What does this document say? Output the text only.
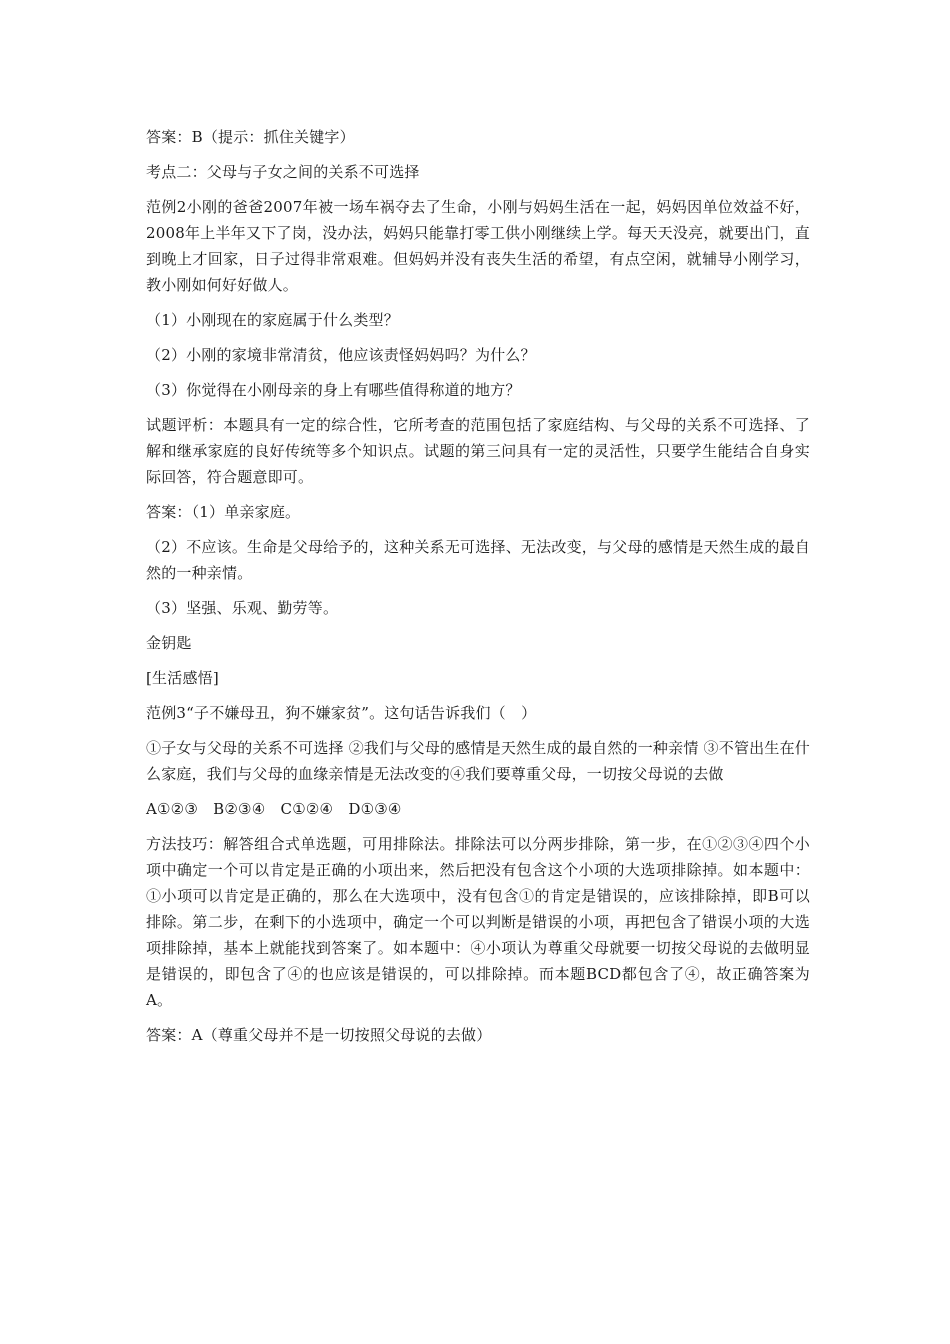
答案：B（提示：抓住关键字）

考点二：父母与子女之间的关系不可选择

范例2小刚的爸爸2007年被一场车祸夺去了生命，小刚与妈妈生活在一起，妈妈因单位效益不好，2008年上半年又下了岗，没办法，妈妈只能靠打零工供小刚继续上学。每天天没亮，就要出门，直到晚上才回家，日子过得非常艰难。但妈妈并没有丧失生活的希望，有点空闲，就辅导小刚学习，教小刚如何好好做人。

（1）小刚现在的家庭属于什么类型？

（2）小刚的家境非常清贫，他应该责怪妈妈吗？为什么？

（3）你觉得在小刚母亲的身上有哪些值得称道的地方？

试题评析：本题具有一定的综合性，它所考查的范围包括了家庭结构、与父母的关系不可选择、了解和继承家庭的良好传统等多个知识点。试题的第三问具有一定的灵活性，只要学生能结合自身实际回答，符合题意即可。

答案：（1）单亲家庭。

（2）不应该。生命是父母给予的，这种关系无可选择、无法改变，与父母的感情是天然生成的最自然的一种亲情。

（3）坚强、乐观、勤劳等。

金钥匙

[生活感悟]

范例3“子不嫌母丑，狗不嫌家贫”。这句话告诉我们（　）

①子女与父母的关系不可选择 ②我们与父母的感情是天然生成的最自然的一种亲情 ③不管出生在什么家庭，我们与父母的血缘亲情是无法改变的④我们要尊重父母，一切按父母说的去做

A①②③　B②③④　C①②④　D①③④

方法技巧：解答组合式单选题，可用排除法。排除法可以分两步排除，第一步，在①②③④四个小项中确定一个可以肯定是正确的小项出来，然后把没有包含这个小项的大选项排除掉。如本题中：①小项可以肯定是正确的，那么在大选项中，没有包含①的肯定是错误的，应该排除掉，即B可以排除。第二步，在剩下的小选项中，确定一个可以判断是错误的小项，再把包含了错误小项的大选项排除掉，基本上就能找到答案了。如本题中：④小项认为尊重父母就要一切按父母说的去做明显是错误的，即包含了④的也应该是错误的，可以排除掉。而本题BCD都包含了④，故正确答案为A。

答案：A（尊重父母并不是一切按照父母说的去做）
